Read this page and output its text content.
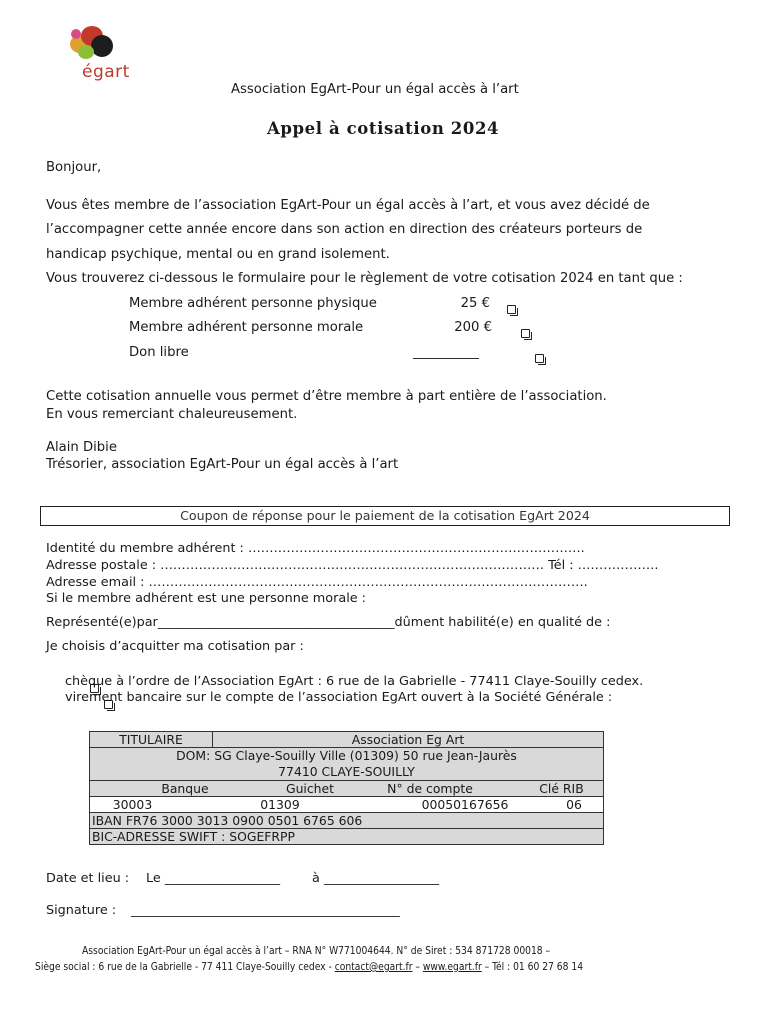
égart
Association EgArt-Pour un égal accès à l’art
Appel à cotisation 2024
Bonjour,
Vous êtes membre de l’association EgArt-Pour un égal accès à l’art, et vous avez décidé de
l’accompagner cette année encore dans son action en direction des créateurs porteurs de
handicap psychique, mental ou en grand isolement.
Vous trouverez ci-dessous le formulaire pour le règlement de votre cotisation 2024 en tant que :
Membre adhérent personne physique	25 €

Membre adhérent personne morale	200 €

Don libre	__________

Cette cotisation annuelle vous permet d’être membre à part entière de l’association.
En vous remerciant chaleureusement.
Alain Dibie
Trésorier, association EgArt-Pour un égal accès à l’art
Coupon de réponse pour le paiement de la cotisation EgArt 2024
Identité du membre adhérent : …………………………………………………………………….
Adresse postale : ……………………………………………………………………………… Tél : ……………….
Adresse email : ………………………………………………………………………………………….
Si le membre adhérent est une personne morale :
Représenté(e)par_____________________________________dûment habilité(e) en qualité de :
Je choisis d’acquitter ma cotisation par :

chèque à l’ordre de l’Association EgArt : 6 rue de la Gabrielle - 77411 Claye-Souilly cedex.
virement bancaire sur le compte de l’association EgArt ouvert à la Société Générale :
TITULAIRE	Association Eg Art

DOM: SG Claye-Souilly Ville (01309) 50 rue Jean-Jaurès
77410 CLAYE-SOUILLY

Banque	Guichet	N° de compte	Clé RIB

30003	01309	00050167656	06

IBAN FR76 3000 3013 0900 0501 6765 606
BIC-ADRESSE SWIFT : SOGEFRPP
Date et lieu : Le __________________ à __________________
Signature : __________________________________________
Association EgArt-Pour un égal accès à l’art – RNA N° W771004644. N° de Siret : 534 871728 00018 –
Siège social : 6 rue de la Gabrielle - 77 411 Claye-Souilly cedex - contact@egart.fr – www.egart.fr – Tél : 01 60 27 68 14
